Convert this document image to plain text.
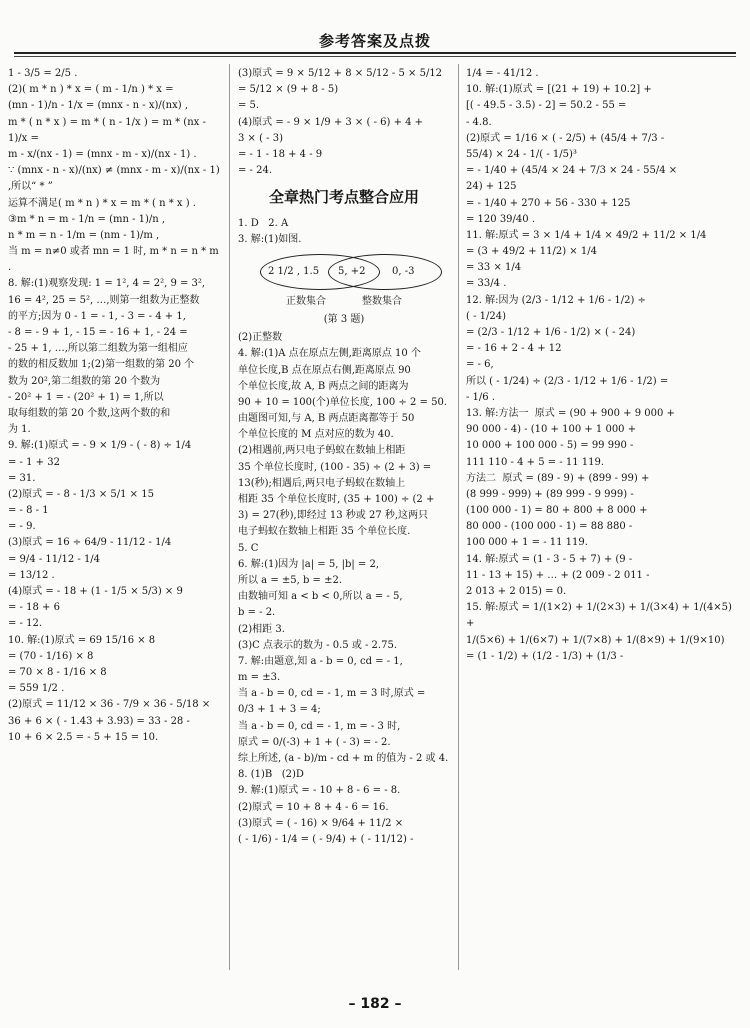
参考答案及点拨
1 - 3/5 = 2/5 .
(2)( m * n ) * x = ( m - 1/n ) * x =
(mn - 1)/n - 1/x = (mnx - n - x)/(nx) ,
m * ( n * x ) = m * ( n - 1/x ) = m * (nx - 1)/x =
m - x/(nx - 1) = (mnx - m - x)/(nx - 1) .
∵ (mnx - n - x)/(nx) ≠ (mnx - m - x)/(nx - 1) ,所以“ * ”
运算不满足( m * n ) * x = m * ( n * x ) .
③m * n = m - 1/n = (mn - 1)/n ,
n * m = n - 1/m = (nm - 1)/m ,
当 m = n≠0 或者 mn = 1 时, m * n = n * m .
8. 解:(1)观察发现: 1 = 1², 4 = 2², 9 = 3²,
16 = 4², 25 = 5², …,则第一组数为正整数
的平方;因为 0 - 1 = - 1, - 3 = - 4 + 1,
- 8 = - 9 + 1, - 15 = - 16 + 1, - 24 =
- 25 + 1, …,所以第二组数为第一组相应
的数的相反数加 1;(2)第一组数的第 20 个
数为 20²,第二组数的第 20 个数为
- 20² + 1 = - (20² + 1) = 1,所以
取每组数的第 20 个数,这两个数的和
为 1.
9. 解:(1)原式 = - 9 × 1/9 - ( - 8) ÷ 1/4
= - 1 + 32
= 31.
(2)原式 = - 8 - 1/3 × 5/1 × 15
= - 8 - 1
= - 9.
(3)原式 = 16 ÷ 64/9 - 11/12 - 1/4
= 9/4 - 11/12 - 1/4
= 13/12 .
(4)原式 = - 18 + (1 - 1/5 × 5/3) × 9
= - 18 + 6
= - 12.
10. 解:(1)原式 = 69 15/16 × 8
= (70 - 1/16) × 8
= 70 × 8 - 1/16 × 8
= 559 1/2 .
(2)原式 = 11/12 × 36 - 7/9 × 36 - 5/18 ×
36 + 6 × ( - 1.43 + 3.93) = 33 - 28 -
10 + 6 × 2.5 = - 5 + 15 = 10.
(3)原式 = 9 × 5/12 + 8 × 5/12 - 5 × 5/12
= 5/12 × (9 + 8 - 5)
= 5.
(4)原式 = - 9 × 1/9 + 3 × ( - 6) + 4 +
3 × ( - 3)
= - 1 - 18 + 4 - 9
= - 24.
全章热门考点整合应用
1. D   2. A
3. 解:(1)如图.
2 1/2 , 1.5 5, +2	0, -3
正数集合	整数集合
(第 3 题)
(2)正整数
4. 解:(1)A 点在原点左侧,距离原点 10 个
单位长度,B 点在原点右侧,距离原点 90
个单位长度,故 A, B 两点之间的距离为
90 + 10 = 100(个)单位长度, 100 ÷ 2 = 50.
由题图可知,与 A, B 两点距离都等于 50
个单位长度的 M 点对应的数为 40.
(2)相遇前,两只电子蚂蚁在数轴上相距
35 个单位长度时, (100 - 35) ÷ (2 + 3) =
13(秒);相遇后,两只电子蚂蚁在数轴上
相距 35 个单位长度时, (35 + 100) ÷ (2 +
3) = 27(秒),即经过 13 秒或 27 秒,这两只
电子蚂蚁在数轴上相距 35 个单位长度.
5. C
6. 解:(1)因为 |a| = 5, |b| = 2,
所以 a = ±5, b = ±2.
由数轴可知 a < b < 0,所以 a = - 5,
b = - 2.
(2)相距 3.
(3)C 点表示的数为 - 0.5 或 - 2.75.
7. 解:由题意,知 a - b = 0, cd = - 1,
m = ±3.
当 a - b = 0, cd = - 1, m = 3 时,原式 =
0/3 + 1 + 3 = 4;
当 a - b = 0, cd = - 1, m = - 3 时,
原式 = 0/(-3) + 1 + ( - 3) = - 2.
综上所述, (a - b)/m - cd + m 的值为 - 2 或 4.
8. (1)B   (2)D
9. 解:(1)原式 = - 10 + 8 - 6 = - 8.
(2)原式 = 10 + 8 + 4 - 6 = 16.
(3)原式 = ( - 16) × 9/64 + 11/2 ×
( - 1/6) - 1/4 = ( - 9/4) + ( - 11/12) -
1/4 = - 41/12 .
10. 解:(1)原式 = [(21 + 19) + 10.2] +
[( - 49.5 - 3.5) - 2] = 50.2 - 55 =
- 4.8.
(2)原式 = 1/16 × ( - 2/5) + (45/4 + 7/3 -
55/4) × 24 - 1/( - 1/5)³
= - 1/40 + (45/4 × 24 + 7/3 × 24 - 55/4 ×
24) + 125
= - 1/40 + 270 + 56 - 330 + 125
= 120 39/40 .
11. 解:原式 = 3 × 1/4 + 1/4 × 49/2 + 11/2 × 1/4
= (3 + 49/2 + 11/2) × 1/4
= 33 × 1/4
= 33/4 .
12. 解:因为 (2/3 - 1/12 + 1/6 - 1/2) ÷
( - 1/24)
= (2/3 - 1/12 + 1/6 - 1/2) × ( - 24)
= - 16 + 2 - 4 + 12
= - 6,
所以 ( - 1/24) ÷ (2/3 - 1/12 + 1/6 - 1/2) =
- 1/6 .
13. 解:方法一  原式 = (90 + 900 + 9 000 +
90 000 - 4) - (10 + 100 + 1 000 +
10 000 + 100 000 - 5) = 99 990 -
111 110 - 4 + 5 = - 11 119.
方法二  原式 = (89 - 9) + (899 - 99) +
(8 999 - 999) + (89 999 - 9 999) -
(100 000 - 1) = 80 + 800 + 8 000 +
80 000 - (100 000 - 1) = 88 880 -
100 000 + 1 = - 11 119.
14. 解:原式 = (1 - 3 - 5 + 7) + (9 -
11 - 13 + 15) + … + (2 009 - 2 011 -
2 013 + 2 015) = 0.
15. 解:原式 = 1/(1×2) + 1/(2×3) + 1/(3×4) + 1/(4×5) +
1/(5×6) + 1/(6×7) + 1/(7×8) + 1/(8×9) + 1/(9×10)
= (1 - 1/2) + (1/2 - 1/3) + (1/3 -
– 182 –
